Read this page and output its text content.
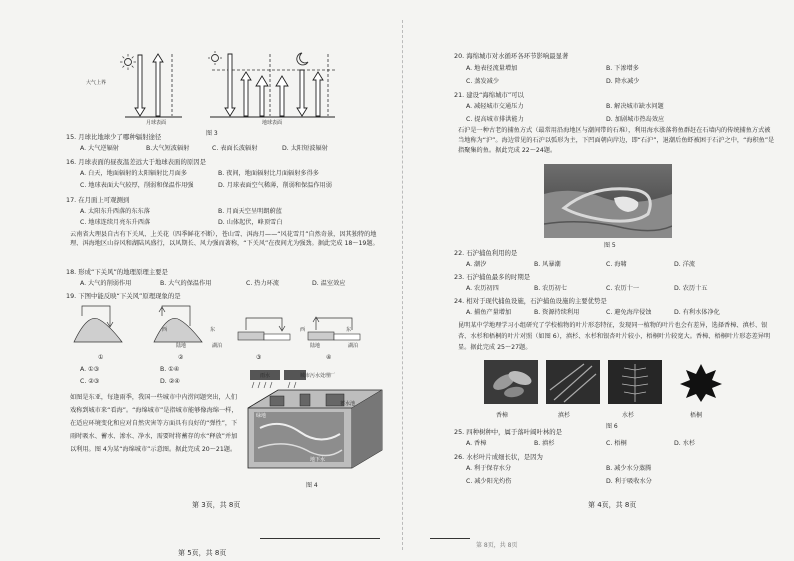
大气上界
月球表面	地球表面
图 3
15. 月球比地球少了哪种辐射途径
A. 大气逆辐射	B.大气短波辐射	C. 表面长波辐射	D. 太阳短波辐射
16. 月球表面的昼夜温差远大于地球表面的原因是
A. 白天，地面辐射的太阳辐射比月面多	B. 夜间，地面辐射比月面辐射多得多
C. 地球表面大气较厚，削弱和保温作用强	D. 月球表面空气稀薄，削弱和保温作用弱
17. 在月面上可观测到
A. 太阳东升西落的东东落	B. 月面天空呈明朗蔚蓝
C. 地球连续月亮东升西落	D. 山体起伏，峰顶雪白
云南省大理县自古有下关风、上关花（四季鲜花不断），苍山雪、洱海月——“风花雪月”自然奇景，因其独特的地理、洱海地区山谷风和湖陆风盛行，以风期长、风力强而著称，“下关风”在夜间尤为强劲。据此完成 18～19题。
18. 形成“下关风”的地理原理主要是
A. 大气的削弱作用	B. 大气的保温作用	C. 热力环流	D. 温室效应
19. 下图中能反映“下关风”原理现象的是
西
陆地
东
湖泊
西
陆地
东
湖泊
①	②	③	④
A. ①③	B. ①④
C. ②③	D. ②④
如图是东亚，每逢雨季，我国一些城市中内涝问题突出，人们戏称到城市来“看海”。“海绵城市”是指城市能够像海绵一样，在适应环境变化和应对自然灾害等方面具有良好的“弹性”，下雨时吸水、蓄水、渗水、净水，需要时将蓄存的水“释放”并加以利用。图 4为某“海绵城市”示意图。据此完成 20～21题。
城市污水处理厂
雨水
蓄水池
绿地
地下水
图 4
第 3页，共 8页
第 5页，共 8页
20. 海绵城市对水循环各环节影响最显著
A. 地表径流量增加	B. 下渗增多
C. 蒸发减少	D. 降水减少
21. 建设“海绵城市”可以
A. 减轻城市交通压力	B. 解决城市缺水问题
C. 提高城市排洪能力	D. 加剧城市热岛效应
石沪是一种古老的捕鱼方式（最常用沿海地区与潮间带的石堆），利用海水涨落将鱼群赶在石墙内的传统捕鱼方式被当地称为“沪”。海边常见的石沪以弧形为主，下凹面朝向岸边，即“石沪”，退潮后鱼虾被困于石沪之中，“海积鱼”是指聚集的鱼。据此完成 22～24题。
图 5
22. 石沪捕鱼利用的是
A. 潮汐	B. 风暴潮	C. 海啸	D. 洋流
23. 石沪捕鱼最多的时期是
A. 农历初四	B. 农历初七	C. 农历十一	D. 农历十五
24. 相对于现代捕鱼设施，石沪捕鱼设施的主要优势是
A. 捕鱼产量增加	B. 资源持续利用	C. 避免海岸侵蚀	D. 有利水体净化
昆明某中学地理学习小组研究了学校植物的叶片形态特征，发现同一植物的叶片也会有差异，选择香樟、滇杉、银杏、水杉和梧桐的叶片对照（如图 6），滇杉、水杉和银杏叶片较小，梧桐叶片较宽大。香樟、梧桐叶片形态差异明显。据此完成 25～27题。
香樟	滇杉	水杉	梧桐
图 6
25. 四种树种中，属于落叶阔叶林的是
A. 香樟	B. 滇杉	C. 梧桐	D. 水杉
26. 水杉叶片成细长状，是因为
A. 利于保存水分	B. 减少水分蒸腾
C. 减少阳光灼伤	D. 利于吸收水分
第 4页，共 8页
第 8页，共 8页
